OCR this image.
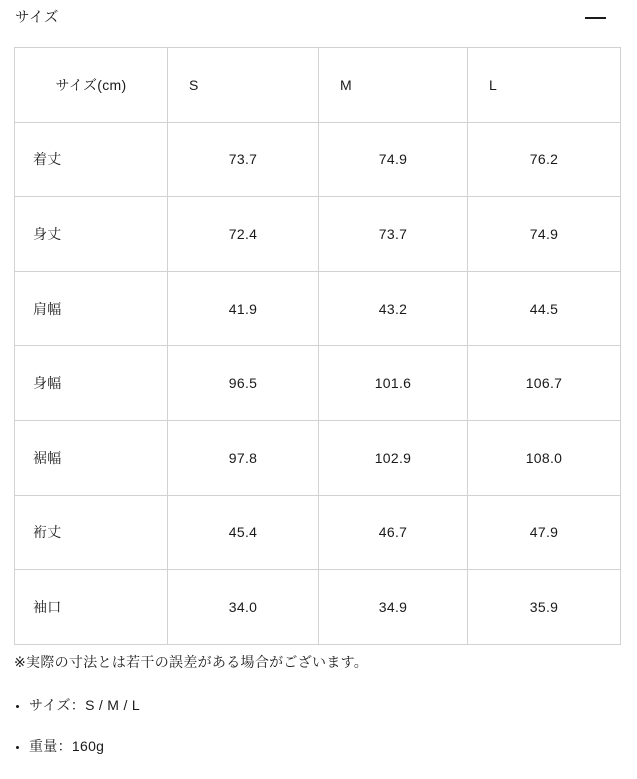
サイズ
サイズ(cm)	S	M	L
着丈	73.7	74.9	76.2
身丈	72.4	73.7	74.9
肩幅	41.9	43.2	44.5
身幅	96.5	101.6	106.7
裾幅	97.8	102.9	108.0
裄丈	45.4	46.7	47.9
袖口	34.0	34.9	35.9
※実際の寸法とは若干の誤差がある場合がございます。
• サイズ：S / M / L
• 重量：160g
